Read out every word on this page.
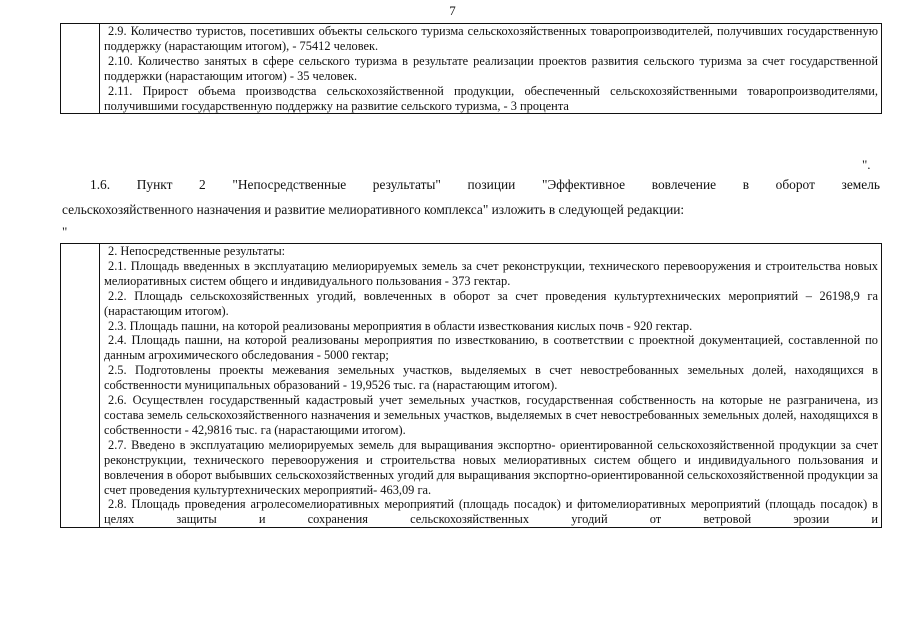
7

2.9. Количество туристов, посетивших объекты сельского туризма сельскохозяйственных товаропроизводителей, получивших государственную поддержку (нарастающим итогом), - 75412 человек.

2.10. Количество занятых в сфере сельского туризма в результате реализации проектов развития сельского туризма за счет государственной поддержки (нарастающим итогом) - 35 человек.

2.11. Прирост объема производства сельскохозяйственной продукции, обеспеченный сельскохозяйственными товаропроизводителями, получившими государственную поддержку на развитие сельского туризма, - 3 процента

".
1.6. Пункт 2 "Непосредственные результаты" позиции "Эффективное вовлечение в оборот земель
сельскохозяйственного назначения и развитие мелиоративного комплекса" изложить в следующей редакции:
"

2. Непосредственные результаты:

2.1. Площадь введенных в эксплуатацию мелиорируемых земель за счет реконструкции, технического перевооружения и строительства новых мелиоративных систем общего и индивидуального пользования - 373 гектар.

2.2. Площадь сельскохозяйственных угодий, вовлеченных в оборот за счет проведения культуртехнических мероприятий – 26198,9 га (нарастающим итогом).

2.3. Площадь пашни, на которой реализованы мероприятия в области известкования кислых почв - 920 гектар.

2.4. Площадь пашни, на которой реализованы мероприятия по известкованию, в соответствии с проектной документацией, составленной по данным агрохимического обследования - 5000 гектар;

2.5. Подготовлены проекты межевания земельных участков, выделяемых в счет невостребованных земельных долей, находящихся в собственности муниципальных образований - 19,9526 тыс. га (нарастающим итогом).

2.6. Осуществлен государственный кадастровый учет земельных участков, государственная собственность на которые не разграничена, из состава земель сельскохозяйственного назначения и земельных участков, выделяемых в счет невостребованных земельных долей, находящихся в собственности - 42,9816 тыс. га (нарастающими итогом).

2.7. Введено в эксплуатацию мелиорируемых земель для выращивания экспортно- ориентированной сельскохозяйственной продукции за счет реконструкции, технического перевооружения и строительства новых мелиоративных систем общего и индивидуального пользования и вовлечения в оборот выбывших сельскохозяйственных угодий для выращивания экспортно-ориентированной сельскохозяйственной продукции за счет проведения культуртехнических мероприятий- 463,09 га.

2.8. Площадь проведения агролесомелиоративных мероприятий (площадь посадок) и фитомелиоративных мероприятий (площадь посадок) в целях защиты и сохранения сельскохозяйственных угодий от ветровой эрозии и
